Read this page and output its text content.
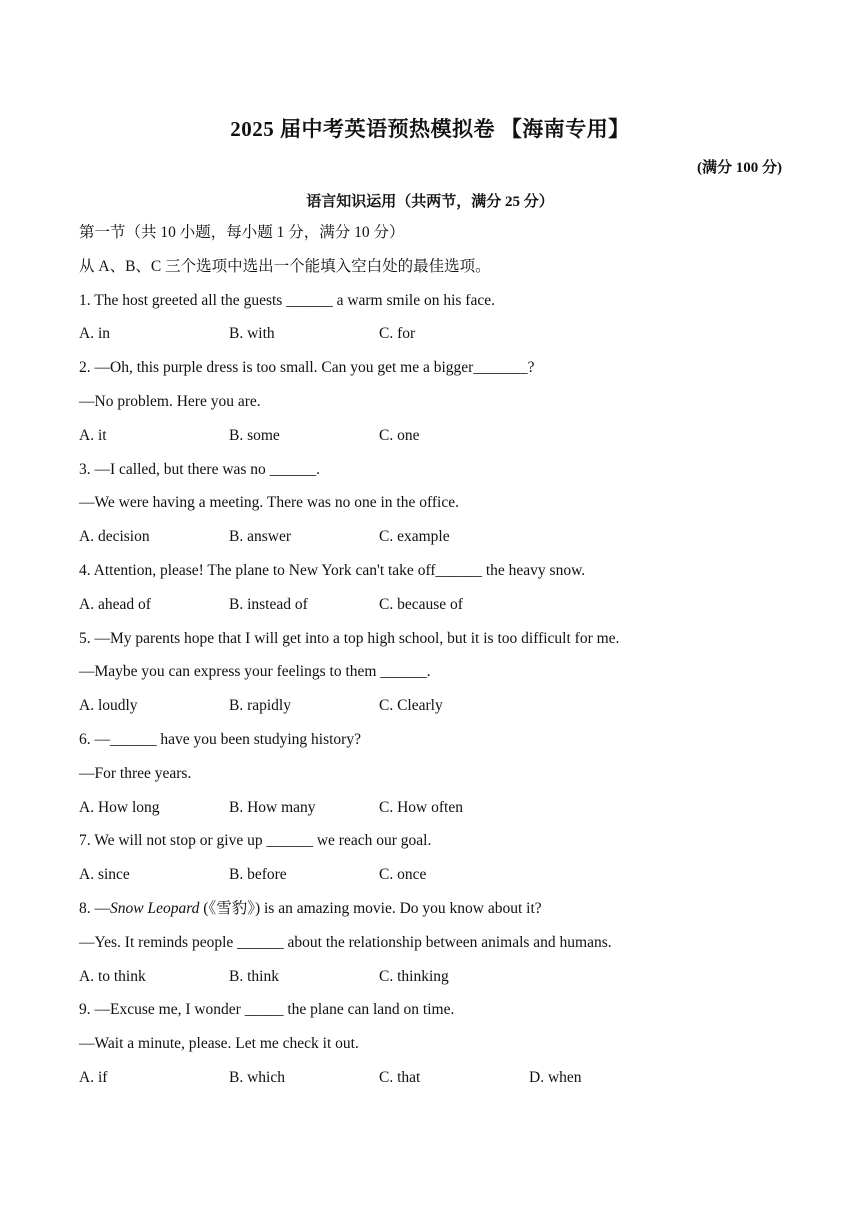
2025 届中考英语预热模拟卷 【海南专用】
(满分 100 分)
语言知识运用（共两节，满分 25 分）
第一节（共 10 小题，每小题 1 分，满分 10 分）
从 A、B、C 三个选项中选出一个能填入空白处的最佳选项。
1. The host greeted all the guests ______ a warm smile on his face.
A. in	B. with	C. for
2. —Oh, this purple dress is too small. Can you get me a bigger_______?
—No problem. Here you are.
A. it	B. some	C. one
3. —I called, but there was no ______.
—We were having a meeting. There was no one in the office.
A. decision	B. answer	C. example
4. Attention, please! The plane to New York can't take off______ the heavy snow.
A. ahead of	B. instead of	C. because of
5. —My parents hope that I will get into a top high school, but it is too difficult for me.
—Maybe you can express your feelings to them ______.
A. loudly	B. rapidly	C. Clearly
6. —______ have you been studying history?
—For three years.
A. How long	B. How many	C. How often
7. We will not stop or give up ______ we reach our goal.
A. since	B. before	C. once
8. —Snow Leopard (《雪豹》) is an amazing movie. Do you know about it?
—Yes. It reminds people ______ about the relationship between animals and humans.
A. to think	B. think	C. thinking
9. —Excuse me, I wonder _____ the plane can land on time.
—Wait a minute, please. Let me check it out.
A. if	B. which	C. that	D. when
